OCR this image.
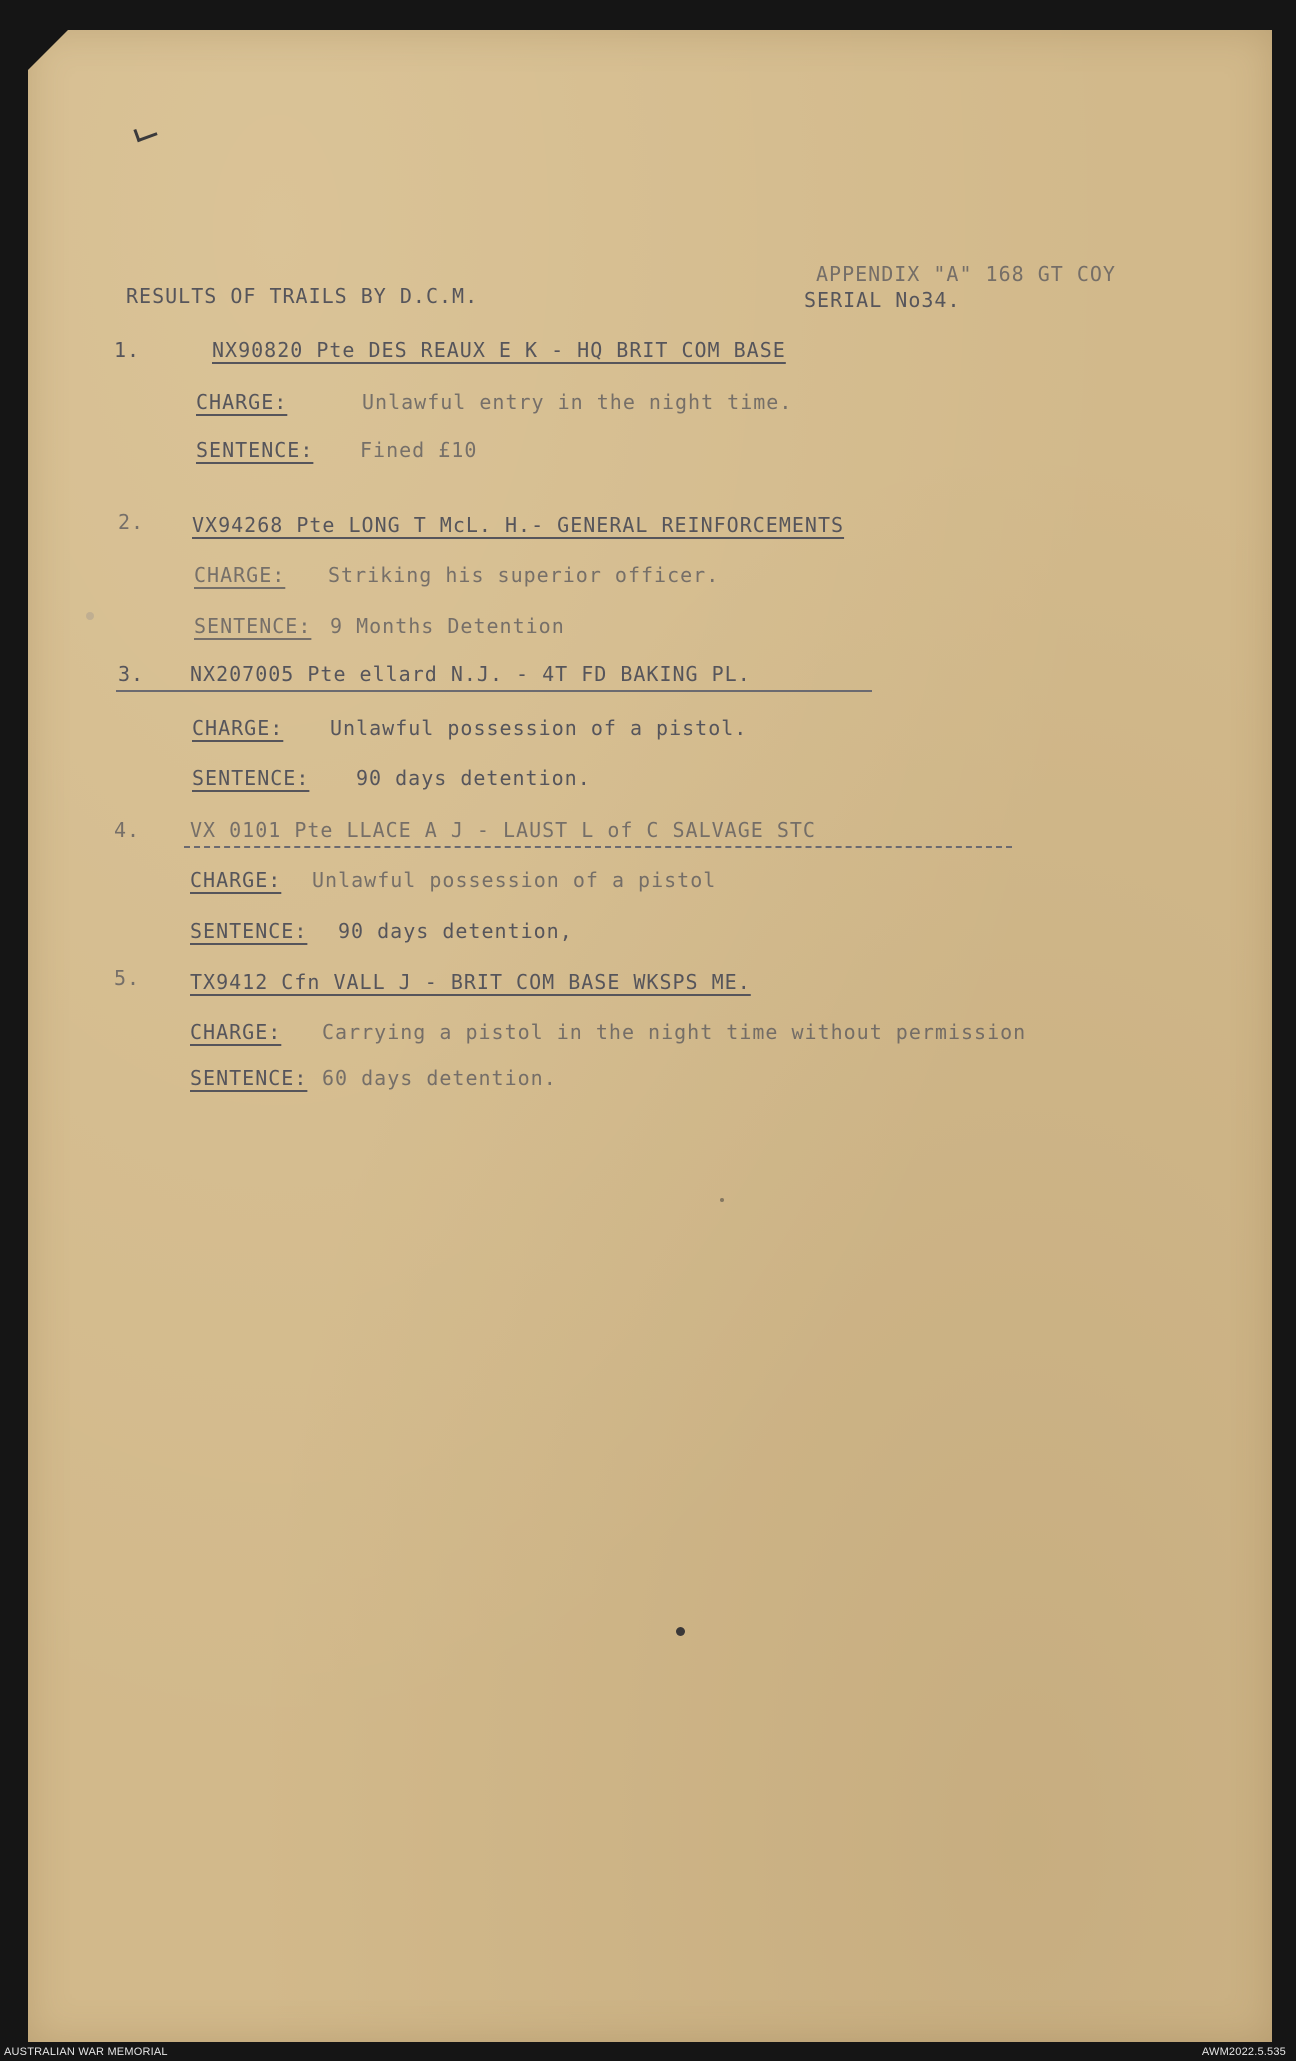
RESULTS OF TRAILS BY D.C.M.
APPENDIX "A" 168 GT COY
SERIAL No34.
1.	NX90820 Pte DES REAUX E K - HQ BRIT COM BASE
CHARGE:	Unlawful entry in the night time.
SENTENCE: Fined £10
2. VX94268 Pte LONG T McL. H.- GENERAL REINFORCEMENTS
CHARGE: Striking his superior officer.
SENTENCE: 9 Months Detention
3. NX207005 Pte ellard N.J. - 4T FD BAKING PL.
CHARGE: Unlawful possession of a pistol.
SENTENCE: 90 days detention.
4. VX 0101 Pte LLACE A J - LAUST L of C SALVAGE STC
CHARGE: Unlawful possession of a pistol
SENTENCE: 90 days detention,
5. TX9412 Cfn VALL J - BRIT COM BASE WKSPS ME.
CHARGE: Carrying a pistol in the night time without permission
SENTENCE: 60 days detention.
AUSTRALIAN WAR MEMORIAL	AWM2022.5.535
